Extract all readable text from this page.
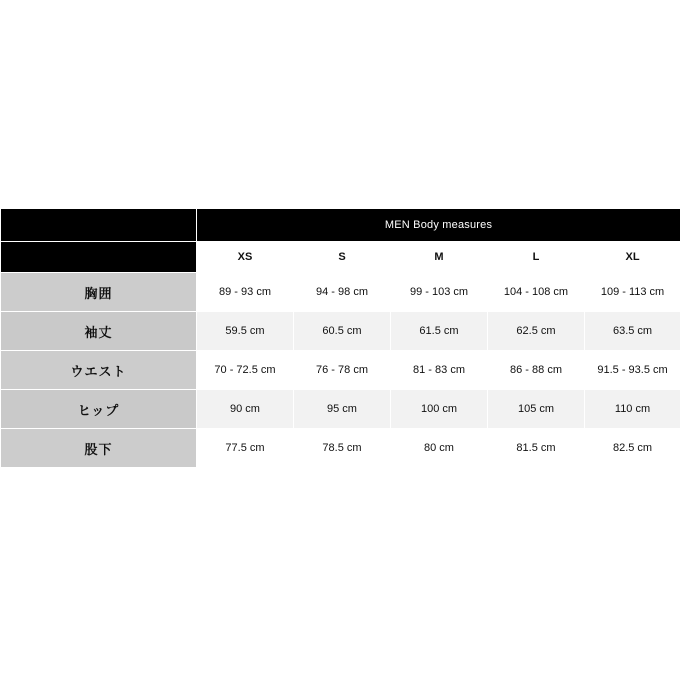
	MEN Body measures				
	XS	S	M	L	XL
胸囲	89 - 93 cm	94 - 98 cm	99 - 103 cm	104 - 108 cm	109 - 113 cm
袖丈	59.5 cm	60.5 cm	61.5 cm	62.5 cm	63.5 cm
ウエスト	70 - 72.5 cm	76 - 78 cm	81 - 83 cm	86 - 88 cm	91.5 - 93.5 cm
ヒップ	90 cm	95 cm	100 cm	105 cm	110 cm
股下	77.5 cm	78.5 cm	80 cm	81.5 cm	82.5 cm
